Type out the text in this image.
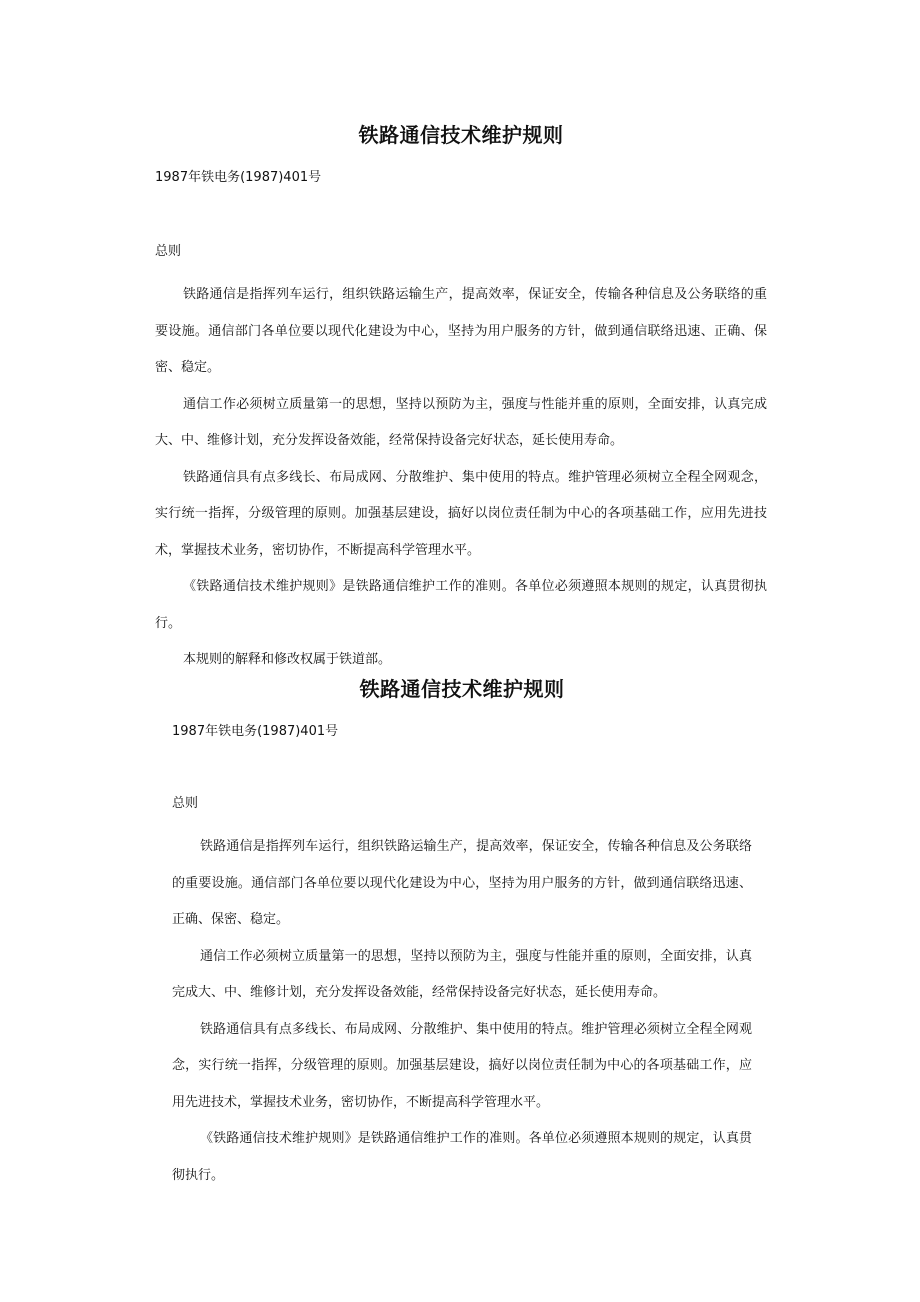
铁路通信技术维护规则

1987年铁电务(1987)401号

总则

铁路通信是指挥列车运行，组织铁路运输生产，提高效率，保证安全，传输各种信息及公务联络的重要设施。通信部门各单位要以现代化建设为中心，坚持为用户服务的方针，做到通信联络迅速、正确、保密、稳定。

通信工作必须树立质量第一的思想，坚持以预防为主，强度与性能并重的原则，全面安排，认真完成大、中、维修计划，充分发挥设备效能，经常保持设备完好状态，延长使用寿命。

铁路通信具有点多线长、布局成网、分散维护、集中使用的特点。维护管理必须树立全程全网观念，实行统一指挥，分级管理的原则。加强基层建设，搞好以岗位责任制为中心的各项基础工作，应用先进技术，掌握技术业务，密切协作，不断提高科学管理水平。

《铁路通信技术维护规则》是铁路通信维护工作的准则。各单位必须遵照本规则的规定，认真贯彻执行。

本规则的解释和修改权属于铁道部。

铁路通信技术维护规则

1987年铁电务(1987)401号

总则

铁路通信是指挥列车运行，组织铁路运输生产，提高效率，保证安全，传输各种信息及公务联络的重要设施。通信部门各单位要以现代化建设为中心，坚持为用户服务的方针，做到通信联络迅速、正确、保密、稳定。

通信工作必须树立质量第一的思想，坚持以预防为主，强度与性能并重的原则，全面安排，认真完成大、中、维修计划，充分发挥设备效能，经常保持设备完好状态，延长使用寿命。

铁路通信具有点多线长、布局成网、分散维护、集中使用的特点。维护管理必须树立全程全网观念，实行统一指挥，分级管理的原则。加强基层建设，搞好以岗位责任制为中心的各项基础工作，应用先进技术，掌握技术业务，密切协作，不断提高科学管理水平。

《铁路通信技术维护规则》是铁路通信维护工作的准则。各单位必须遵照本规则的规定，认真贯彻执行。
